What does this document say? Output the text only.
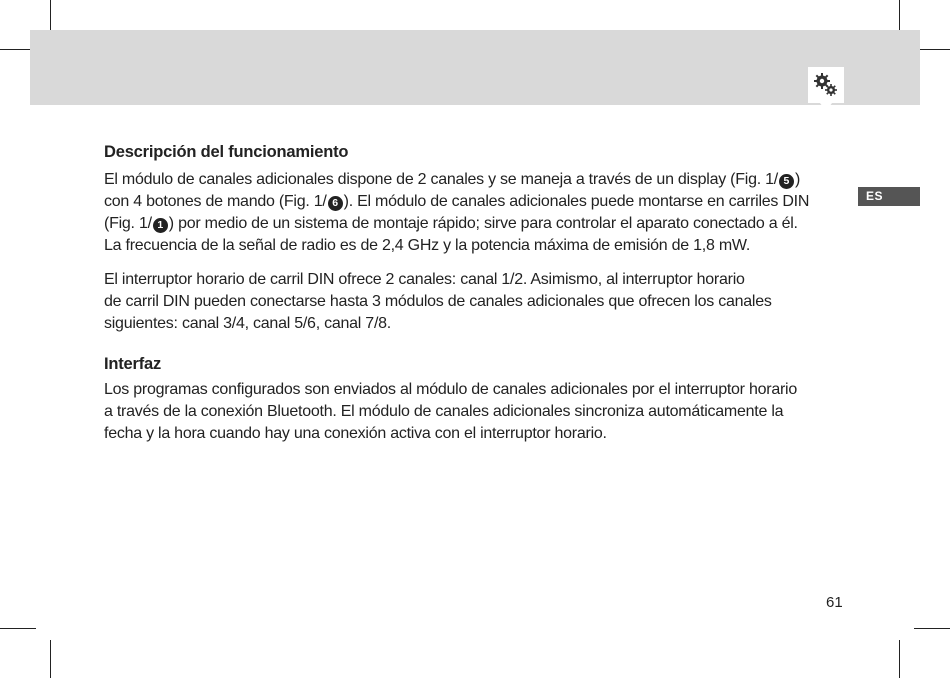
ES
Descripción del funcionamiento

El módulo de canales adicionales dispone de 2 canales y se maneja a través de un display (Fig. 1/ 5 )
con 4 botones de mando (Fig. 1/ 6 ). El módulo de canales adicionales puede montarse en carriles DIN
(Fig. 1/ 1 ) por medio de un sistema de montaje rápido; sirve para controlar el aparato conectado a él.
La frecuencia de la señal de radio es de 2,4 GHz y la potencia máxima de emisión de 1,8 mW.

El interruptor horario de carril DIN ofrece 2 canales: canal 1/2. Asimismo, al interruptor horario
de carril DIN pueden conectarse hasta 3 módulos de canales adicionales que ofrecen los canales
siguientes: canal 3/4, canal 5/6, canal 7/8.

Interfaz

Los programas configurados son enviados al módulo de canales adicionales por el interruptor horario
a través de la conexión Bluetooth. El módulo de canales adicionales sincroniza automáticamente la
fecha y la hora cuando hay una conexión activa con el interruptor horario.

61
